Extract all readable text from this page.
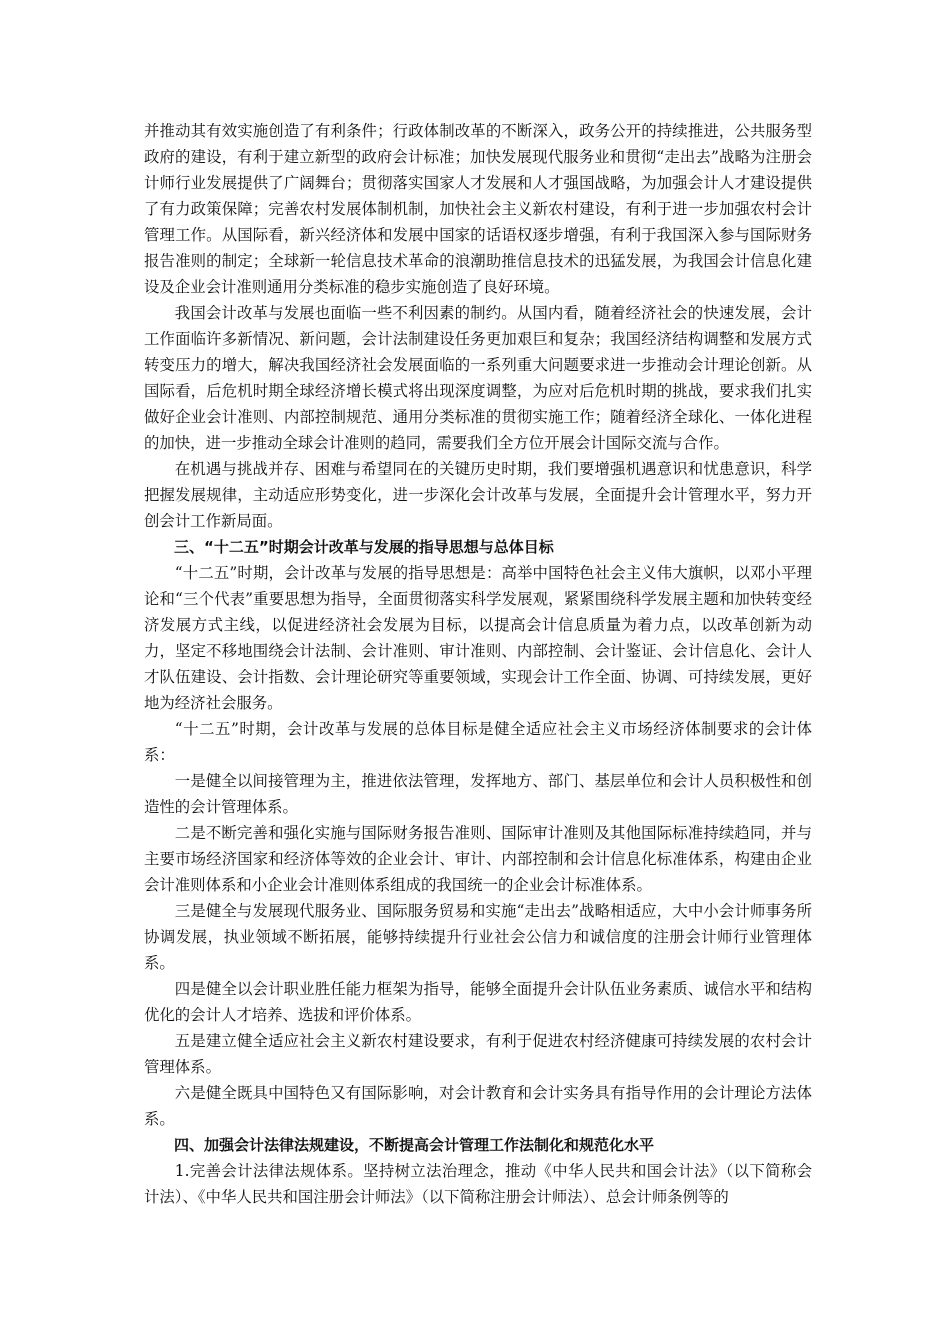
并推动其有效实施创造了有利条件；行政体制改革的不断深入，政务公开的持续推进，公共服务型政府的建设，有利于建立新型的政府会计标准；加快发展现代服务业和贯彻“走出去”战略为注册会计师行业发展提供了广阔舞台；贯彻落实国家人才发展和人才强国战略，为加强会计人才建设提供了有力政策保障；完善农村发展体制机制，加快社会主义新农村建设，有利于进一步加强农村会计管理工作。从国际看，新兴经济体和发展中国家的话语权逐步增强，有利于我国深入参与国际财务报告准则的制定；全球新一轮信息技术革命的浪潮助推信息技术的迅猛发展，为我国会计信息化建设及企业会计准则通用分类标准的稳步实施创造了良好环境。

我国会计改革与发展也面临一些不利因素的制约。从国内看，随着经济社会的快速发展，会计工作面临许多新情况、新问题，会计法制建设任务更加艰巨和复杂；我国经济结构调整和发展方式转变压力的增大，解决我国经济社会发展面临的一系列重大问题要求进一步推动会计理论创新。从国际看，后危机时期全球经济增长模式将出现深度调整，为应对后危机时期的挑战，要求我们扎实做好企业会计准则、内部控制规范、通用分类标准的贯彻实施工作；随着经济全球化、一体化进程的加快，进一步推动全球会计准则的趋同，需要我们全方位开展会计国际交流与合作。

在机遇与挑战并存、困难与希望同在的关键历史时期，我们要增强机遇意识和忧患意识，科学把握发展规律，主动适应形势变化，进一步深化会计改革与发展，全面提升会计管理水平，努力开创会计工作新局面。

三、“十二五”时期会计改革与发展的指导思想与总体目标

“十二五”时期，会计改革与发展的指导思想是：高举中国特色社会主义伟大旗帜，以邓小平理论和“三个代表”重要思想为指导，全面贯彻落实科学发展观，紧紧围绕科学发展主题和加快转变经济发展方式主线，以促进经济社会发展为目标，以提高会计信息质量为着力点，以改革创新为动力，坚定不移地围绕会计法制、会计准则、审计准则、内部控制、会计鉴证、会计信息化、会计人才队伍建设、会计指数、会计理论研究等重要领域，实现会计工作全面、协调、可持续发展，更好地为经济社会服务。

“十二五”时期，会计改革与发展的总体目标是健全适应社会主义市场经济体制要求的会计体系：

一是健全以间接管理为主，推进依法管理，发挥地方、部门、基层单位和会计人员积极性和创造性的会计管理体系。

二是不断完善和强化实施与国际财务报告准则、国际审计准则及其他国际标准持续趋同，并与主要市场经济国家和经济体等效的企业会计、审计、内部控制和会计信息化标准体系，构建由企业会计准则体系和小企业会计准则体系组成的我国统一的企业会计标准体系。

三是健全与发展现代服务业、国际服务贸易和实施“走出去”战略相适应，大中小会计师事务所协调发展，执业领域不断拓展，能够持续提升行业社会公信力和诚信度的注册会计师行业管理体系。

四是健全以会计职业胜任能力框架为指导，能够全面提升会计队伍业务素质、诚信水平和结构优化的会计人才培养、选拔和评价体系。

五是建立健全适应社会主义新农村建设要求，有利于促进农村经济健康可持续发展的农村会计管理体系。

六是健全既具中国特色又有国际影响，对会计教育和会计实务具有指导作用的会计理论方法体系。

四、加强会计法律法规建设，不断提高会计管理工作法制化和规范化水平

1.完善会计法律法规体系。坚持树立法治理念，推动《中华人民共和国会计法》（以下简称会计法）、《中华人民共和国注册会计师法》（以下简称注册会计师法）、总会计师条例等的
